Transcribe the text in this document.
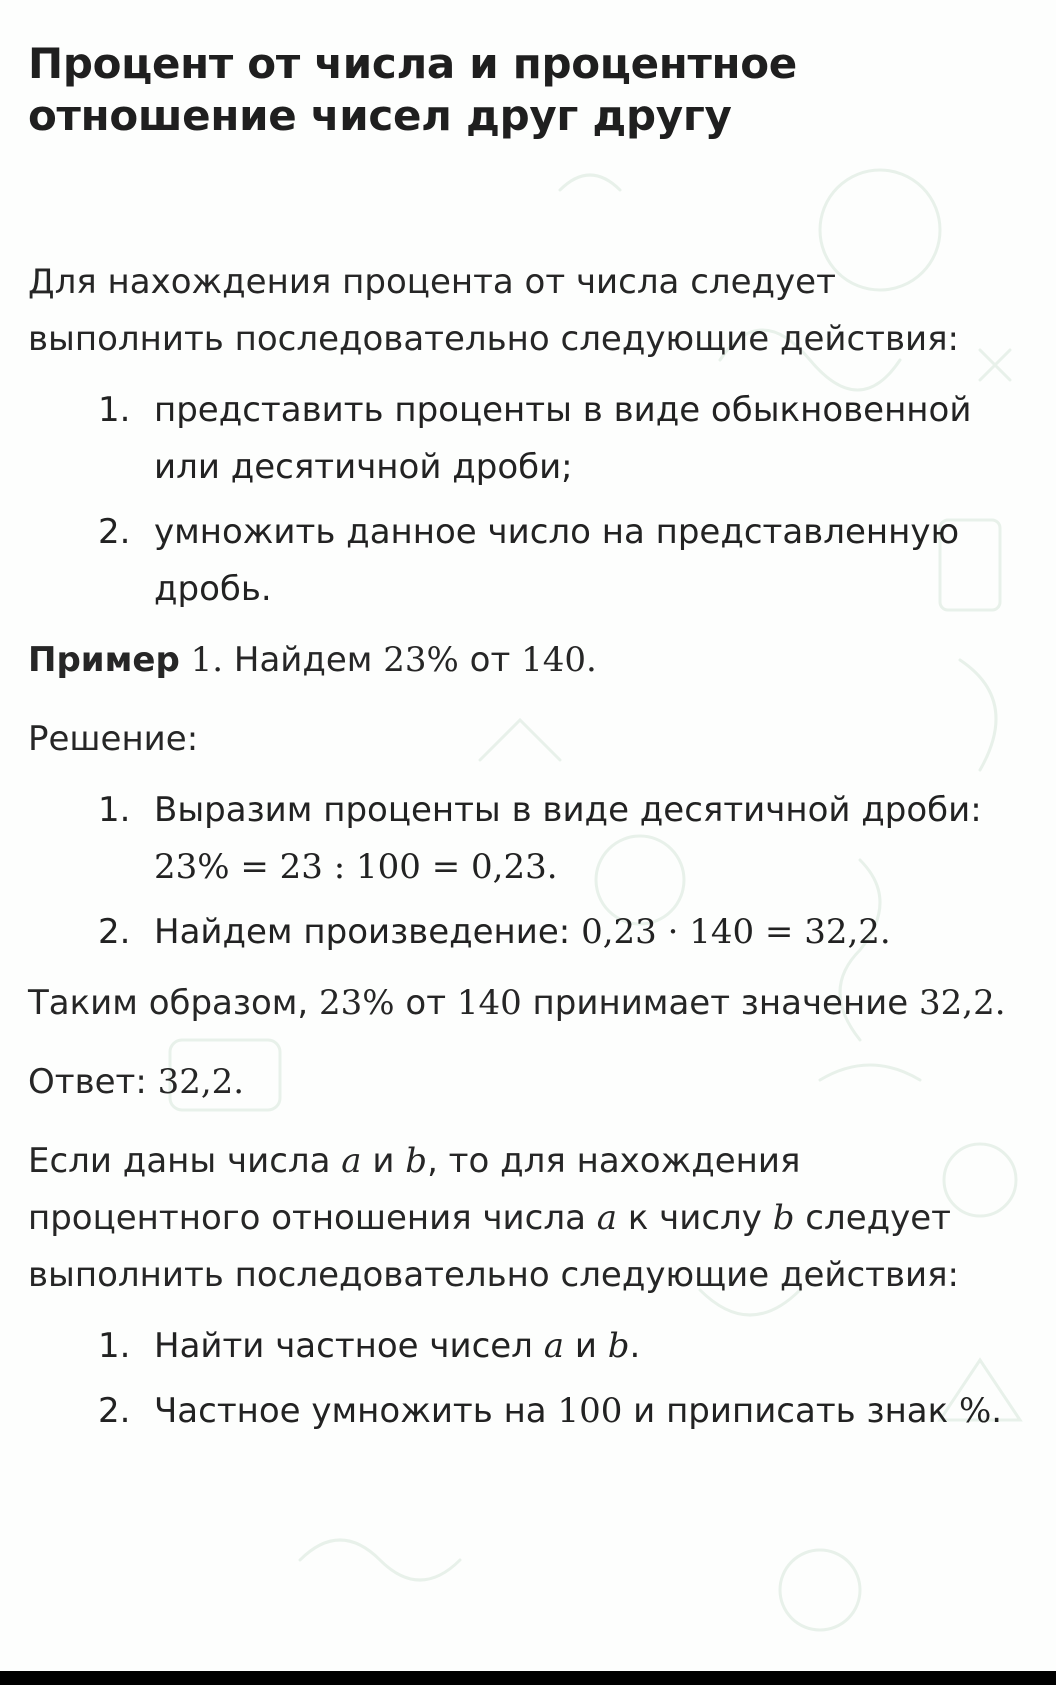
Процент от числа и процентное отношение чисел друг другу

Для нахождения процента от числа следует выполнить последовательно следующие действия:

1. представить проценты в виде обыкновенной или десятичной дроби;
2. умножить данное число на представленную дробь.

Пример 1. Найдем 23% от 140.

Решение:

1. Выразим проценты в виде десятичной дроби: 23% = 23 : 100 = 0,23.
2. Найдем произведение: 0,23 · 140 = 32,2.

Таким образом, 23% от 140 принимает значение 32,2.

Ответ: 32,2.

Если даны числа a и b, то для нахождения процентного отношения числа a к числу b следует выполнить последовательно следующие действия:

1. Найти частное чисел a и b.
2. Частное умножить на 100 и приписать знак %.
